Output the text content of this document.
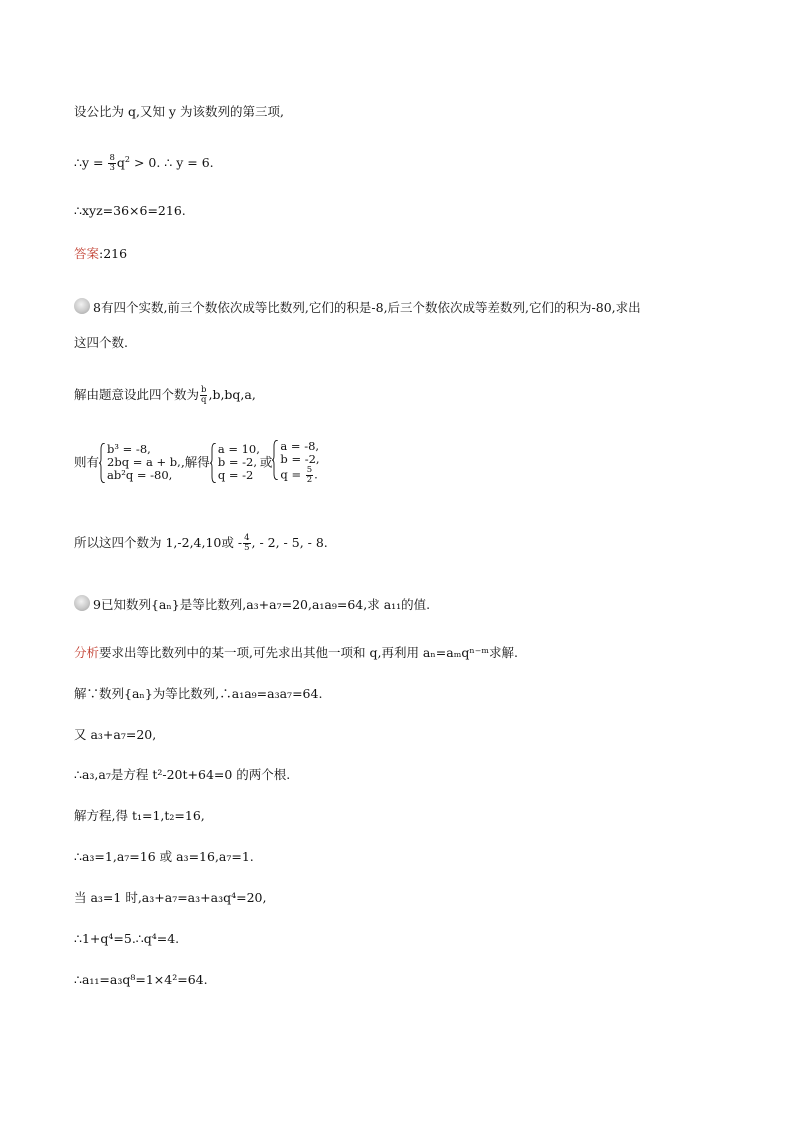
设公比为 q,又知 y 为该数列的第三项,
∴y = $\frac{8}{3} q^2 > 0$. ∴ y = 6.
∴xyz=36×6=216.
答案:216
8有四个实数,前三个数依次成等比数列,它们的积是-8,后三个数依次成等差数列,它们的积为-80,求出
这四个数.
解由题意设此四个数为 $\frac{b}{q} ,b,bq,a$,
则有
b³ = -8,
2bq = a + b,
ab²q = -80,
,解得
a = 10,
b = -2,
q = -2
或
a = -8,
b = -2,
$q = \frac{5}{2}$ .
所以这四个数为 1,-2,4,10或 - $\frac{4}{5}$ , - 2, - 5, - 8.
9已知数列{aₙ}是等比数列,a₃+a₇=20,a₁a₉=64,求 a₁₁的值.
分析要求出等比数列中的某一项,可先求出其他一项和 q,再利用 aₙ=aₘqⁿ⁻ᵐ求解.
解∵数列{aₙ}为等比数列,∴a₁a₉=a₃a₇=64.
又 a₃+a₇=20,
∴a₃,a₇是方程 t²-20t+64=0 的两个根.
解方程,得 t₁=1,t₂=16,
∴a₃=1,a₇=16 或 a₃=16,a₇=1.
当 a₃=1 时,a₃+a₇=a₃+a₃q⁴=20,
∴1+q⁴=5.∴q⁴=4.
∴a₁₁=a₃q⁸=1×4²=64.
